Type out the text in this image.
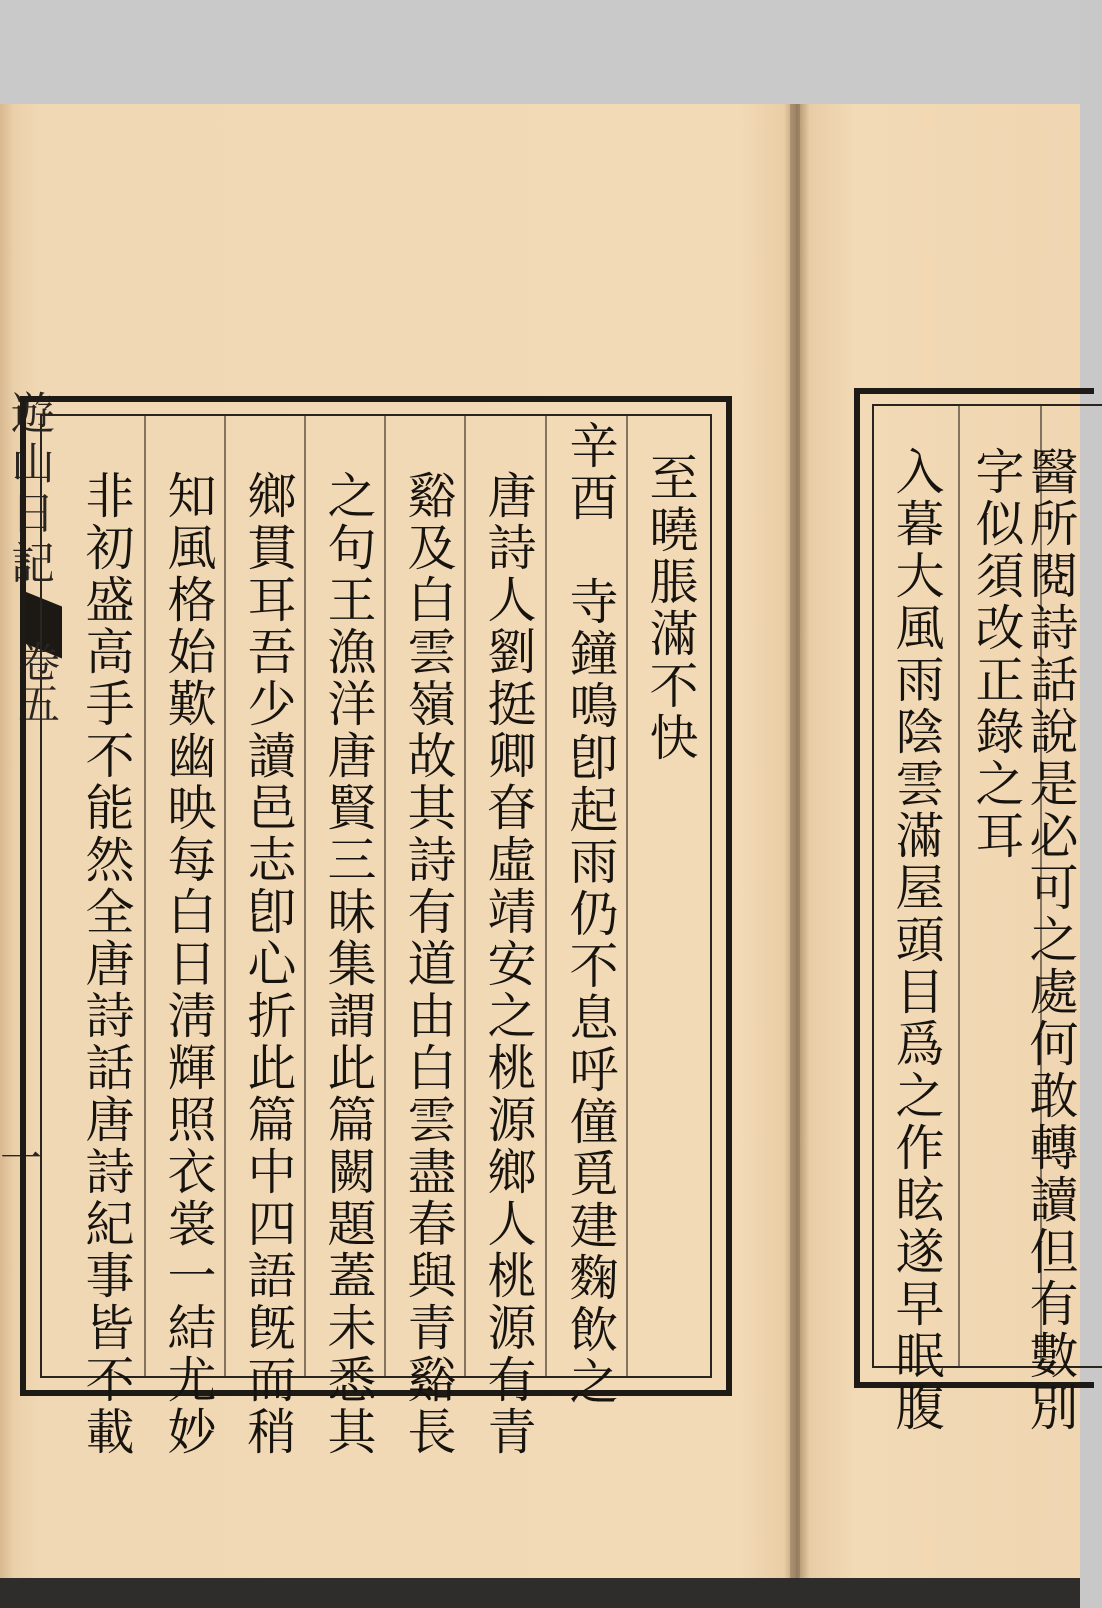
遊山日記
卷五
一
至曉脹滿不快
辛酉　寺鐘鳴卽起雨仍不息呼僮覓建麴飲之
唐詩人劉挺卿眘虛靖安之桃源鄉人桃源有青
谿及白雲嶺故其詩有道由白雲盡春與青谿長
之句王漁洋唐賢三昧集謂此篇闕題蓋未悉其
鄉貫耳吾少讀邑志卽心折此篇中四語旣而稍
知風格始歎幽映每白日淸輝照衣裳一結尤妙
非初盛高手不能然全唐詩話唐詩紀事皆不載	醫所閱詩話說是必可之處何敢轉讀但有數別
字似須改正錄之耳
入暮大風雨陰雲滿屋頭目爲之作眩遂早眠腹
